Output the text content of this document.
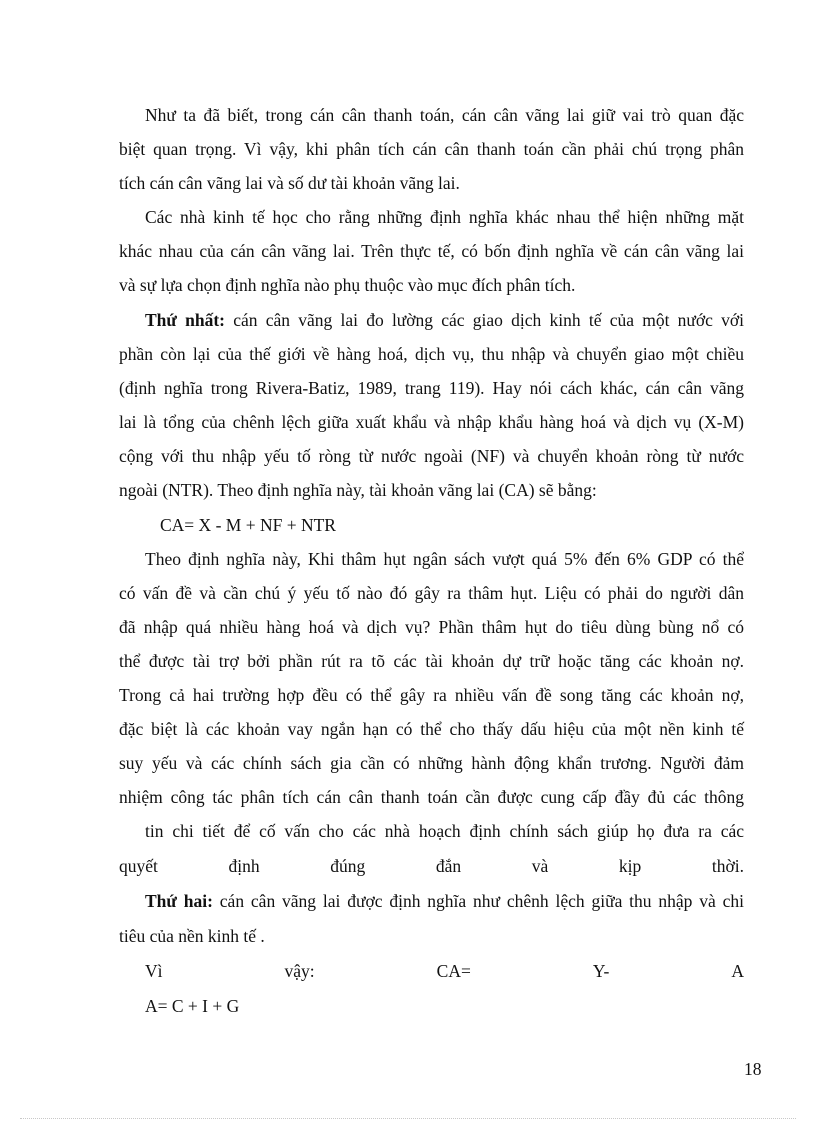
Như ta đã biết, trong cán cân thanh toán, cán cân vãng lai giữ vai trò quan đặc
biệt quan trọng. Vì vậy, khi phân tích cán cân thanh toán cần phải chú trọng phân
tích cán cân vãng lai và số dư tài khoản vãng lai.
Các nhà kinh tế học cho rằng những định nghĩa khác nhau thể hiện những mặt
khác nhau của cán cân vãng lai. Trên thực tế, có bốn định nghĩa về cán cân vãng lai
và sự lựa chọn định nghĩa nào phụ thuộc vào mục đích phân tích.
Thứ nhất: cán cân vãng lai đo lường các giao dịch kinh tế của một nước với
phần còn lại của thế giới về hàng hoá, dịch vụ, thu nhập và chuyển giao một chiều
(định nghĩa trong Rivera-Batiz, 1989, trang 119). Hay nói cách khác, cán cân vãng
lai là tổng của chênh lệch giữa xuất khẩu và nhập khẩu hàng hoá và dịch vụ (X-M)
cộng với thu nhập yếu tố ròng từ nước ngoài (NF) và chuyển khoản ròng từ nước
ngoài (NTR). Theo định nghĩa này, tài khoản vãng lai (CA) sẽ bằng:
CA= X - M + NF + NTR
Theo định nghĩa này, Khi thâm hụt ngân sách vượt quá 5% đến 6% GDP có thể
có vấn đề và cần chú ý yếu tố nào đó gây ra thâm hụt. Liệu có phải do người dân
đã nhập quá nhiều hàng hoá và dịch vụ? Phần thâm hụt do tiêu dùng bùng nổ có
thể được tài trợ bởi phần rút ra tõ các tài khoản dự trữ hoặc tăng các khoản nợ.
Trong cả hai trường hợp đều có thể gây ra nhiều vấn đề song tăng các khoản nợ,
đặc biệt là các khoản vay ngắn hạn có thể cho thấy dấu hiệu của một nền kinh tế
suy yếu và các chính sách gia cần có những hành động khẩn trương. Người đảm
nhiệm công tác phân tích cán cân thanh toán cần được cung cấp đầy đủ các thông
tin chi tiết để cố vấn cho các nhà hoạch định chính sách giúp họ đưa ra các
quyết	định	đúng	đắn	và	kịp	thời.
Thứ hai: cán cân vãng lai được định nghĩa như chênh lệch giữa thu nhập và chi
tiêu của nền kinh tế .
Vì	vậy:	CA=	Y-	A
A= C + I + G
18
